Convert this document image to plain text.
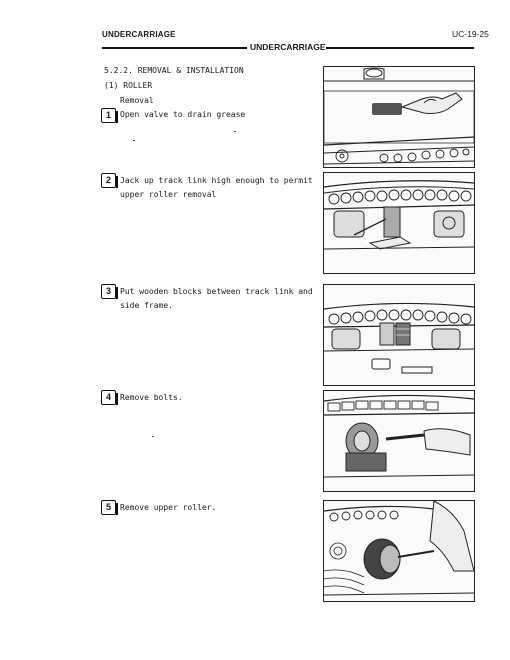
UNDERCARRIAGE	UC-19-25
UNDERCARRIAGE
5.2.2. REMOVAL & INSTALLATION
(1) ROLLER
Removal
1	Open valve to drain grease
2	Jack up track link high enough to permit
upper roller removal
3	Put wooden blocks between track link and
side frame.
4	Remove bolts.
5	Remove upper roller.
